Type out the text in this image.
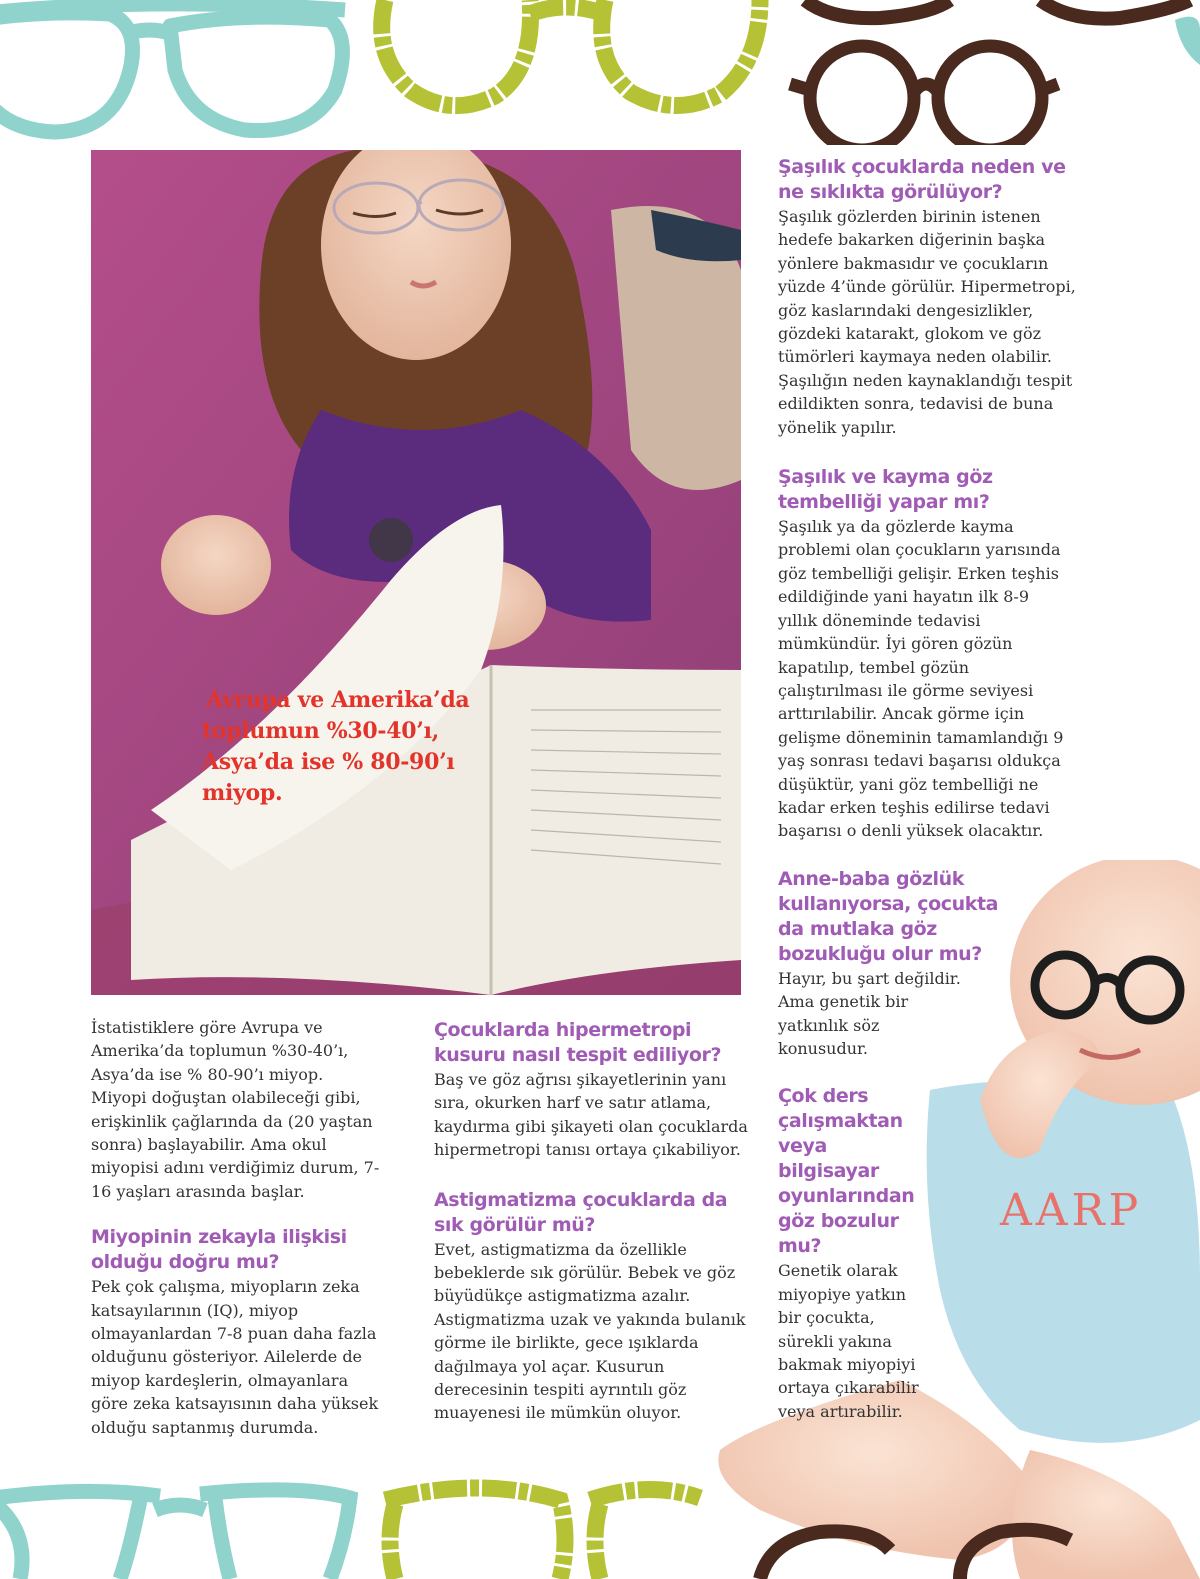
Avrupa ve Amerika’da
toplumun %30-40’ı,
Asya’da ise % 80-90’ı
miyop.
AARP

İstatistiklere göre Avrupa ve Amerika’da toplumun %30-40’ı, Asya’da ise % 80-90’ı miyop. Miyopi doğuştan olabileceği gibi, erişkinlik çağlarında da (20 yaştan sonra) başlayabilir. Ama okul miyopisi adını verdiğimiz durum, 7-16 yaşları arasında başlar.

Miyopinin zekayla ilişkisi olduğu doğru mu?

Pek çok çalışma, miyopların zeka katsayılarının (IQ), miyop olmayanlardan 7-8 puan daha fazla olduğunu gösteriyor. Ailelerde de miyop kardeşlerin, olmayanlara göre zeka katsayısının daha yüksek olduğu saptanmış durumda.

Çocuklarda hipermetropi kusuru nasıl tespit ediliyor?

Baş ve göz ağrısı şikayetlerinin yanı sıra, okurken harf ve satır atlama, kaydırma gibi şikayeti olan çocuklarda hipermetropi tanısı ortaya çıkabiliyor.

Astigmatizma çocuklarda da sık görülür mü?

Evet, astigmatizma da özellikle bebeklerde sık görülür. Bebek ve göz büyüdükçe astigmatizma azalır. Astigmatizma uzak ve yakında bulanık görme ile birlikte, gece ışıklarda dağılmaya yol açar. Kusurun derecesinin tespiti ayrıntılı göz muayenesi ile mümkün oluyor.

Şaşılık çocuklarda neden ve ne sıklıkta görülüyor?

Şaşılık gözlerden birinin istenen hedefe bakarken diğerinin başka yönlere bakmasıdır ve çocukların yüzde 4’ünde görülür. Hipermetropi, göz kaslarındaki dengesizlikler, gözdeki katarakt, glokom ve göz tümörleri kaymaya neden olabilir. Şaşılığın neden kaynaklandığı tespit edildikten sonra, tedavisi de buna yönelik yapılır.

Şaşılık ve kayma göz tembelliği yapar mı?

Şaşılık ya da gözlerde kayma problemi olan çocukların yarısında göz tembelliği gelişir. Erken teşhis edildiğinde yani hayatın ilk 8-9 yıllık döneminde tedavisi mümkündür. İyi gören gözün kapatılıp, tembel gözün çalıştırılması ile görme seviyesi arttırılabilir. Ancak görme için gelişme döneminin tamamlandığı 9 yaş sonrası tedavi başarısı oldukça düşüktür, yani göz tembelliği ne kadar erken teşhis edilirse tedavi başarısı o denli yüksek olacaktır.

Anne-baba gözlük kullanıyorsa, çocukta da mutlaka göz bozukluğu olur mu?

Hayır, bu şart değildir. Ama genetik bir yatkınlık söz konusudur.

Çok ders çalışmaktan veya bilgisayar oyunlarından göz bozulur mu?

Genetik olarak miyopiye yatkın bir çocukta, sürekli yakına bakmak miyopiyi ortaya çıkarabilir veya artırabilir.
